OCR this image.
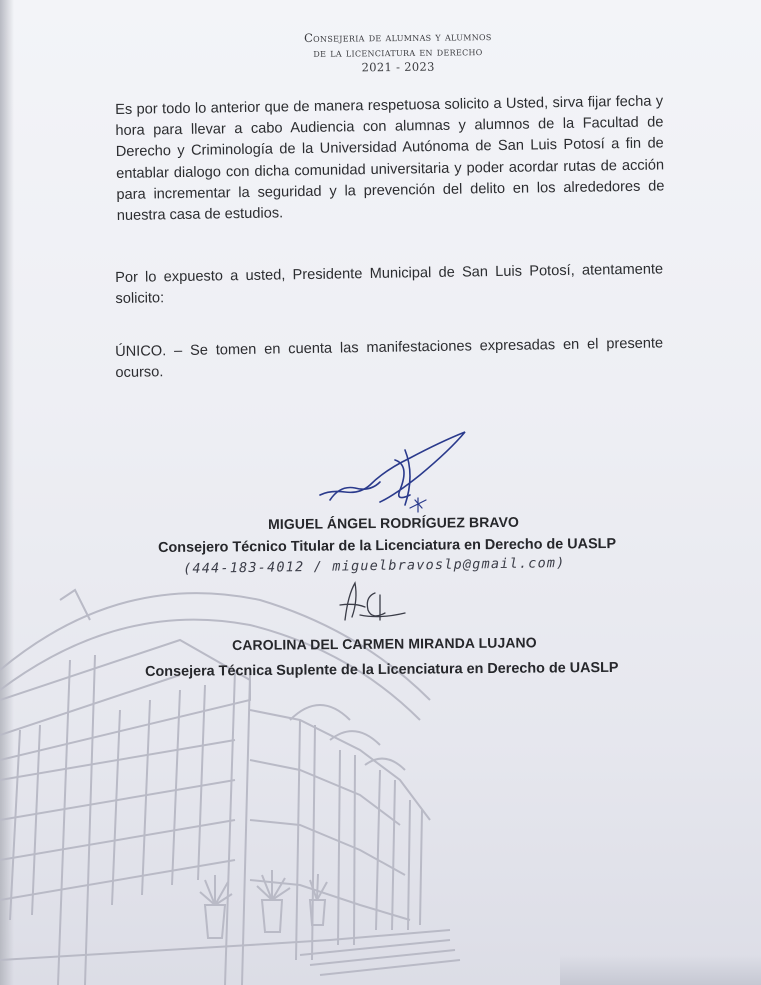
Consejeria de alumnas y alumnos
de la licenciatura en derecho
2021 - 2023
Es por todo lo anterior que de manera respetuosa solicito a Usted, sirva fijar fecha y hora para llevar a cabo Audiencia con alumnas y alumnos de la Facultad de Derecho y Criminología de la Universidad Autónoma de San Luis Potosí a fin de entablar dialogo con dicha comunidad universitaria y poder acordar rutas de acción para incrementar la seguridad y la prevención del delito en los alrededores de nuestra casa de estudios.
Por lo expuesto a usted, Presidente Municipal de San Luis Potosí, atentamente solicito:
ÚNICO. – Se tomen en cuenta las manifestaciones expresadas en el presente ocurso.
MIGUEL ÁNGEL RODRÍGUEZ BRAVO
Consejero Técnico Titular de la Licenciatura en Derecho de UASLP
(444-183-4012 / miguelbravoslp@gmail.com)
CAROLINA DEL CARMEN MIRANDA LUJANO
Consejera Técnica Suplente de la Licenciatura en Derecho de UASLP
